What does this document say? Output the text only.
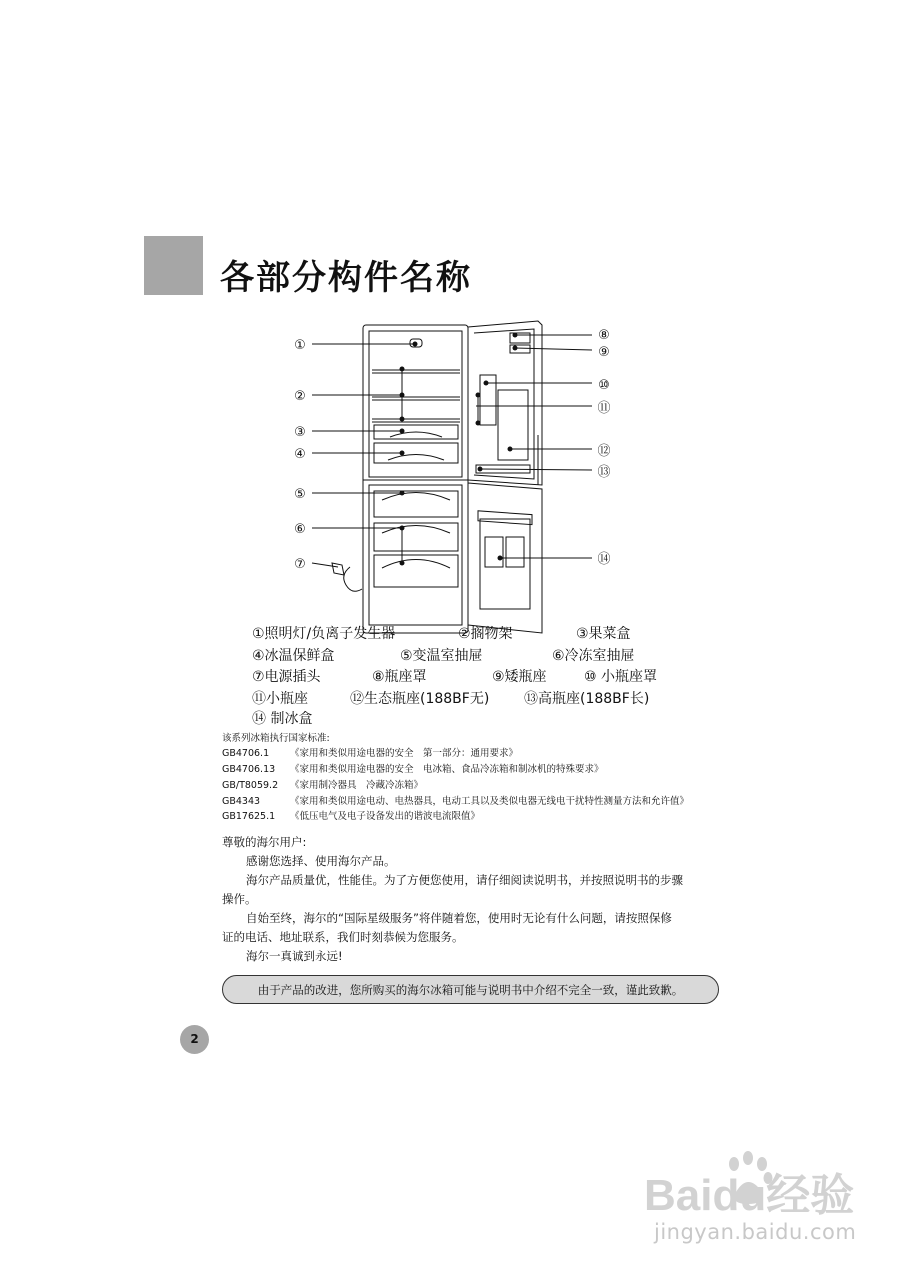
各部分构件名称
①
②
③
④
⑤
⑥
⑦
⑧
⑨
⑩
⑪
⑫
⑬
⑭
①照明灯/负离子发生器	②搁物架	③果菜盒
④冰温保鲜盒	⑤变温室抽屉	⑥冷冻室抽屉
⑦电源插头	⑧瓶座罩	⑨矮瓶座	⑩ 小瓶座罩
⑪小瓶座	⑫生态瓶座(188BF无) ⑬高瓶座(188BF长)
⑭ 制冰盒
该系列冰箱执行国家标准:
GB4706.1 《家用和类似用途电器的安全　第一部分：通用要求》
GB4706.13 《家用和类似用途电器的安全　电冰箱、食品冷冻箱和制冰机的特殊要求》
GB/T8059.2 《家用制冷器具　冷藏冷冻箱》
GB4343	《家用和类似用途电动、电热器具，电动工具以及类似电器无线电干扰特性测量方法和允许值》
GB17625.1 《低压电气及电子设备发出的谐波电流限值》
尊敬的海尔用户:
感谢您选择、使用海尔产品。
海尔产品质量优，性能佳。为了方便您使用，请仔细阅读说明书，并按照说明书的步骤
操作。
自始至终，海尔的“国际星级服务”将伴随着您，使用时无论有什么问题，请按照保修
证的电话、地址联系，我们时刻恭候为您服务。
海尔一真诚到永远!
由于产品的改进，您所购买的海尔冰箱可能与说明书中介绍不完全一致，谨此致歉。
2
Baidu经验
jingyan.baidu.com
